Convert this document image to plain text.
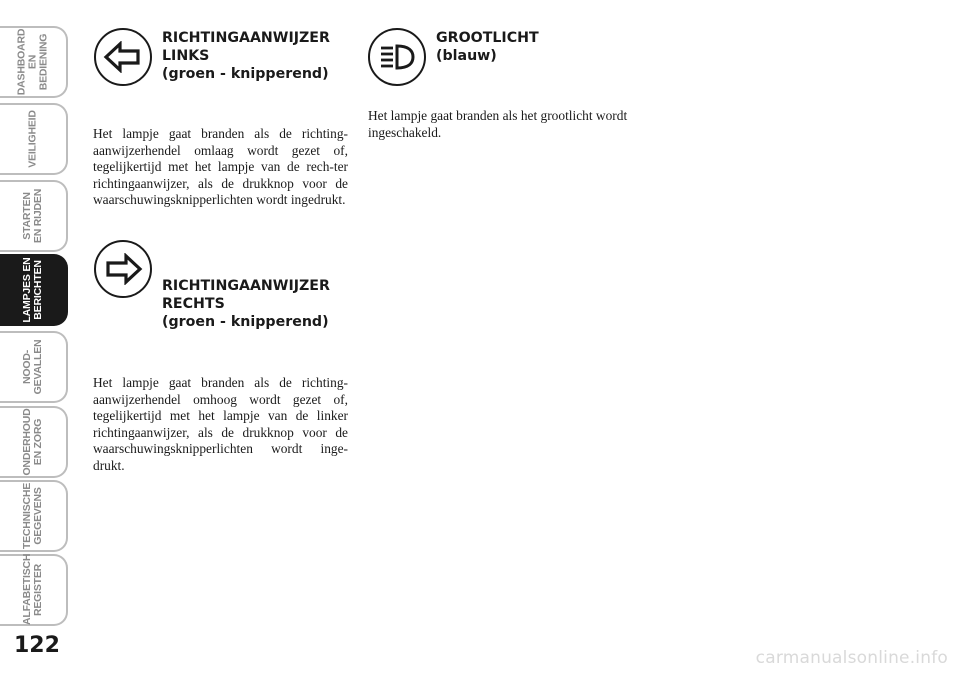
DASHBOARD
EN BEDIENING
VEILIGHEID
STARTEN
EN RIJDEN
LAMPJES EN
BERICHTEN
NOOD-
GEVALLEN
ONDERHOUD
EN ZORG
TECHNISCHE
GEGEVENS
ALFABETISCH
REGISTER
122
RICHTINGAANWIJZER
LINKS
(groen - knipperend)
Het lampje gaat branden als de richting-aanwijzerhendel omlaag wordt gezet of, tegelijkertijd met het lampje van de rech-ter richtingaanwijzer, als de drukknop voor de waarschuwingsknipperlichten wordt ingedrukt.
RICHTINGAANWIJZER
RECHTS
(groen - knipperend)
Het lampje gaat branden als de richting-aanwijzerhendel omhoog wordt gezet of, tegelijkertijd met het lampje van de linker richtingaanwijzer, als de drukknop voor de waarschuwingsknipperlichten wordt inge-drukt.
GROOTLICHT
(blauw)
Het lampje gaat branden als het grootlicht wordt ingeschakeld.
carmanualsonline.info
